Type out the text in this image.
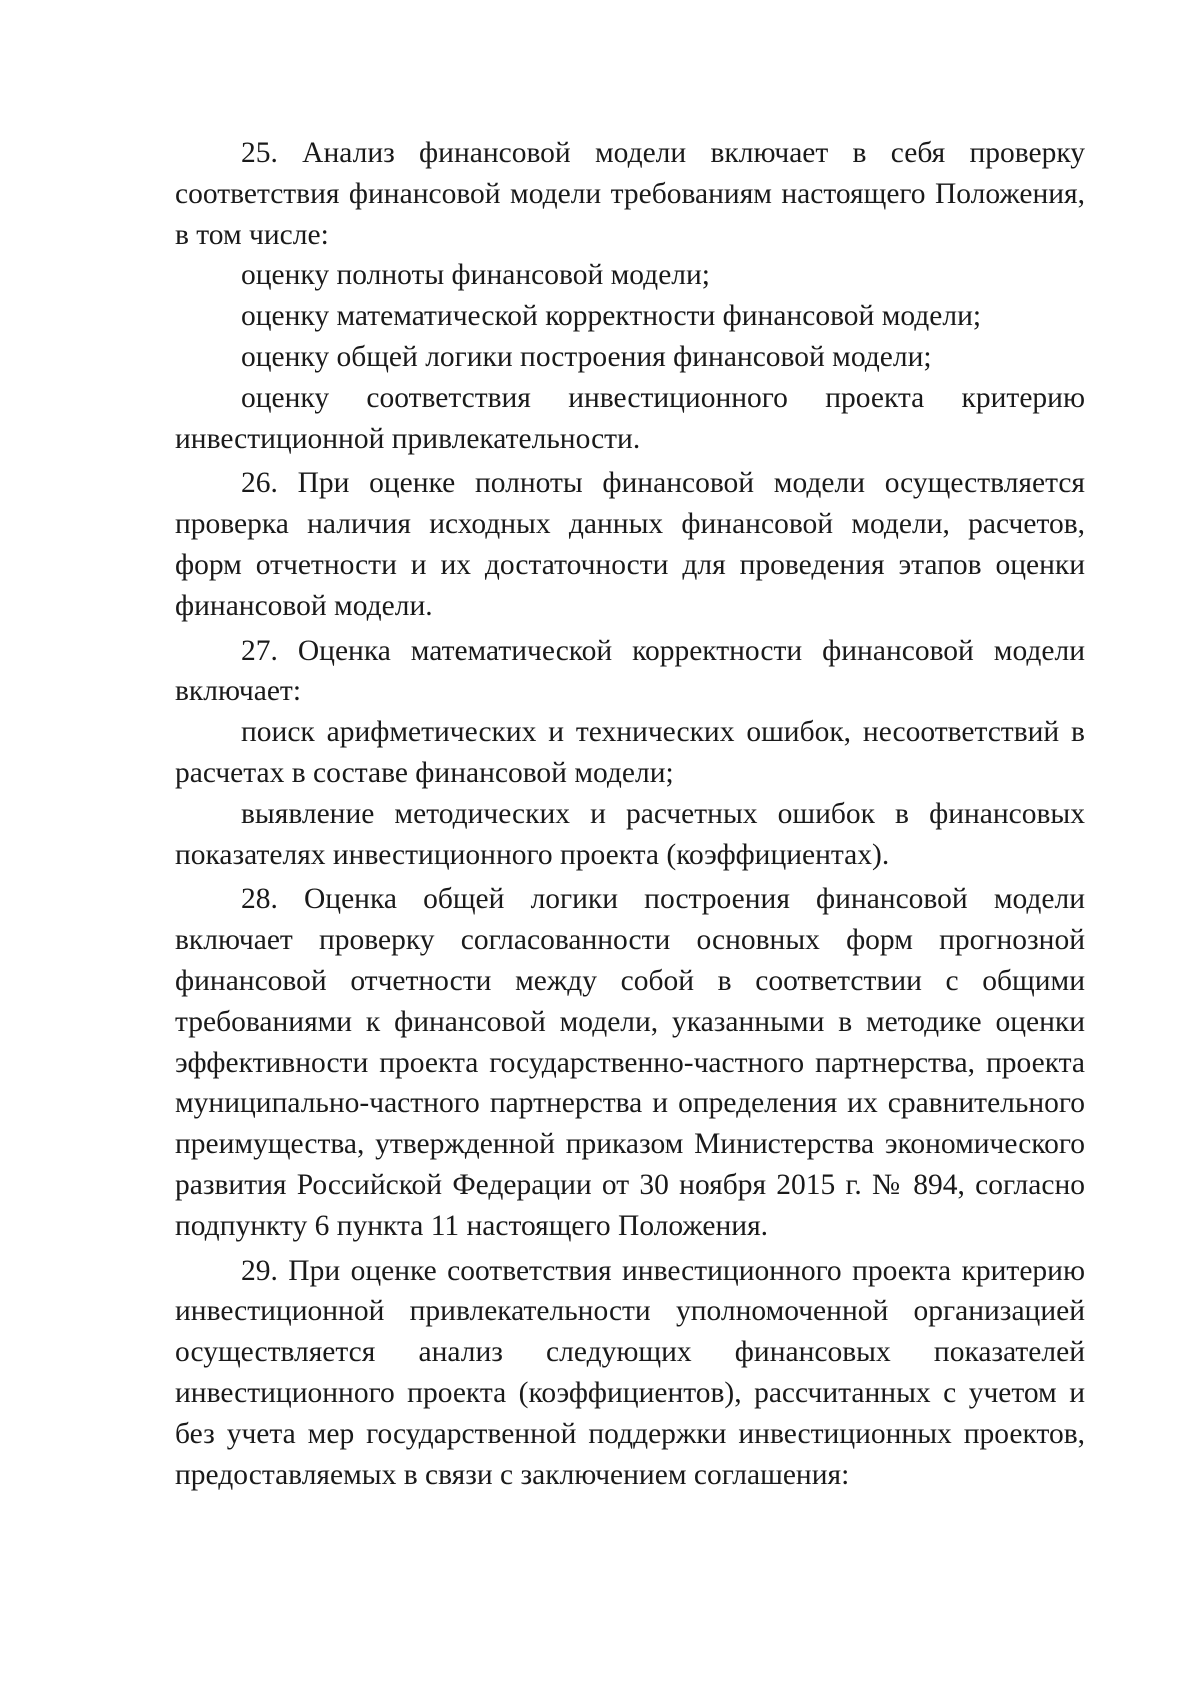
25. Анализ финансовой модели включает в себя проверку соответствия финансовой модели требованиям настоящего Положения, в том числе:

оценку полноты финансовой модели;

оценку математической корректности финансовой модели;

оценку общей логики построения финансовой модели;

оценку соответствия инвестиционного проекта критерию инвестиционной привлекательности.

26. При оценке полноты финансовой модели осуществляется проверка наличия исходных данных финансовой модели, расчетов, форм отчетности и их достаточности для проведения этапов оценки финансовой модели.

27. Оценка математической корректности финансовой модели включает:

поиск арифметических и технических ошибок, несоответствий в расчетах в составе финансовой модели;

выявление методических и расчетных ошибок в финансовых показателях инвестиционного проекта (коэффициентах).

28. Оценка общей логики построения финансовой модели включает проверку согласованности основных форм прогнозной финансовой отчетности между собой в соответствии с общими требованиями к финансовой модели, указанными в методике оценки эффективности проекта государственно-частного партнерства, проекта муниципально-частного партнерства и определения их сравнительного преимущества, утвержденной приказом Министерства экономического развития Российской Федерации от 30 ноября 2015 г. № 894, согласно подпункту 6 пункта 11 настоящего Положения.

29. При оценке соответствия инвестиционного проекта критерию инвестиционной привлекательности уполномоченной организацией осуществляется анализ следующих финансовых показателей инвестиционного проекта (коэффициентов), рассчитанных с учетом и без учета мер государственной поддержки инвестиционных проектов, предоставляемых в связи с заключением соглашения:
